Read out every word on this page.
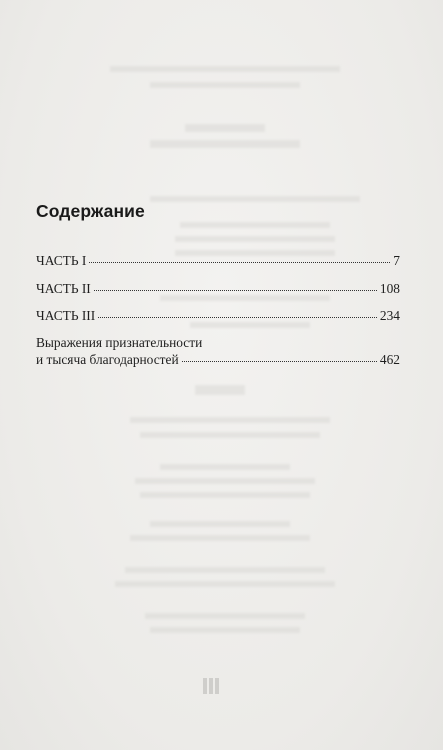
Содержание
ЧАСТЬ I	7
ЧАСТЬ II	108
ЧАСТЬ III	234
Выражения признательности
и тысяча благодарностей	462
